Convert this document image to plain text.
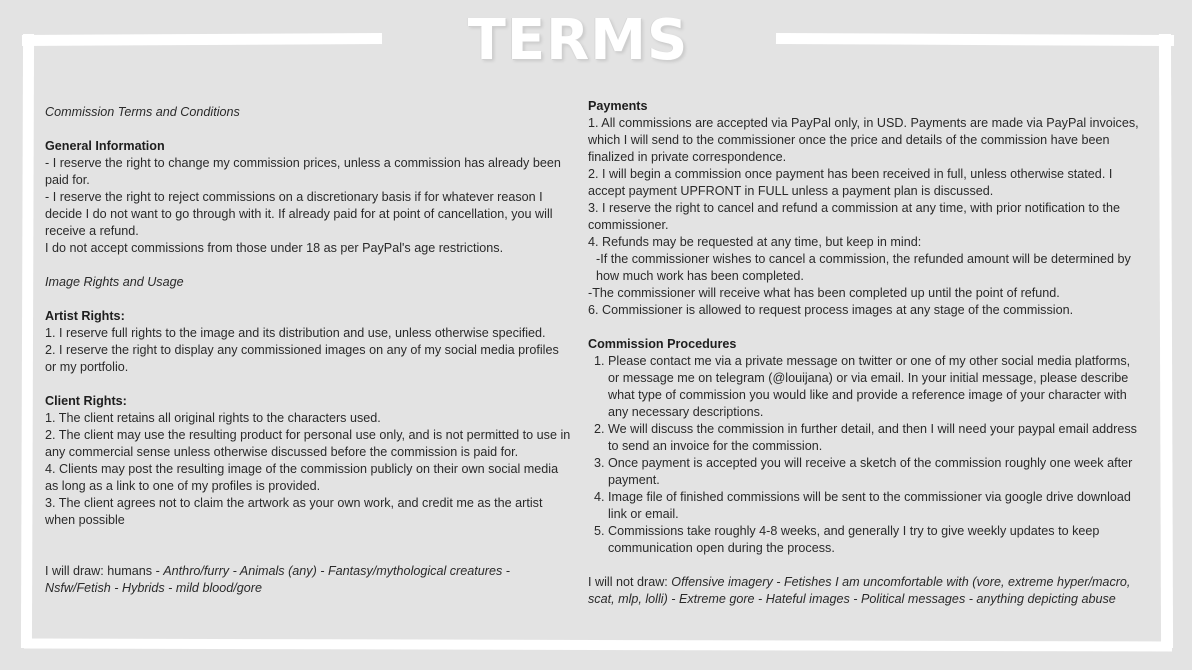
TERMS

Commission Terms and Conditions

General Information

- I reserve the right to change my commission prices, unless a commission has already been paid for.

- I reserve the right to reject commissions on a discretionary basis if for whatever reason I decide I do not want to go through with it. If already paid for at point of cancellation, you will receive a refund.

I do not accept commissions from those under 18 as per PayPal's age restrictions.

Image Rights and Usage

Artist Rights:

1. I reserve full rights to the image and its distribution and use, unless otherwise specified.

2. I reserve the right to display any commissioned images on any of my social media profiles or my portfolio.

Client Rights:

1. The client retains all original rights to the characters used.

2. The client may use the resulting product for personal use only, and is not permitted to use in any commercial sense unless otherwise discussed before the commission is paid for.

4. Clients may post the resulting image of the commission publicly on their own social media as long as a link to one of my profiles is provided.

3. The client agrees not to claim the artwork as your own work, and credit me as the artist when possible

I will draw: humans - Anthro/furry - Animals (any) - Fantasy/mythological creatures - Nsfw/Fetish - Hybrids - mild blood/gore

Payments

1. All commissions are accepted via PayPal only, in USD. Payments are made via PayPal invoices, which I will send to the commissioner once the price and details of the commission have been finalized in private correspondence.

2. I will begin a commission once payment has been received in full, unless otherwise stated. I accept payment UPFRONT in FULL unless a payment plan is discussed.

3. I reserve the right to cancel and refund a commission at any time, with prior notification to the commissioner.

4. Refunds may be requested at any time, but keep in mind:

-If the commissioner wishes to cancel a commission, the refunded amount will be determined by how much work has been completed.

-The commissioner will receive what has been completed up until the point of refund.

6. Commissioner is allowed to request process images at any stage of the commission.

Commission Procedures

1. Please contact me via a private message on twitter or one of my other social media platforms, or message me on telegram (@louijana) or via email. In your initial message, please describe what type of commission you would like and provide a reference image of your character with any necessary descriptions.
2. We will discuss the commission in further detail, and then I will need your paypal email address to send an invoice for the commission.
3. Once payment is accepted you will receive a sketch of the commission roughly one week after payment.
4. Image file of finished commissions will be sent to the commissioner via google drive download link or email.
5. Commissions take roughly 4-8 weeks, and generally I try to give weekly updates to keep communication open during the process.

I will not draw: Offensive imagery - Fetishes I am uncomfortable with (vore, extreme hyper/macro, scat, mlp, lolli) - Extreme gore - Hateful images - Political messages - anything depicting abuse
